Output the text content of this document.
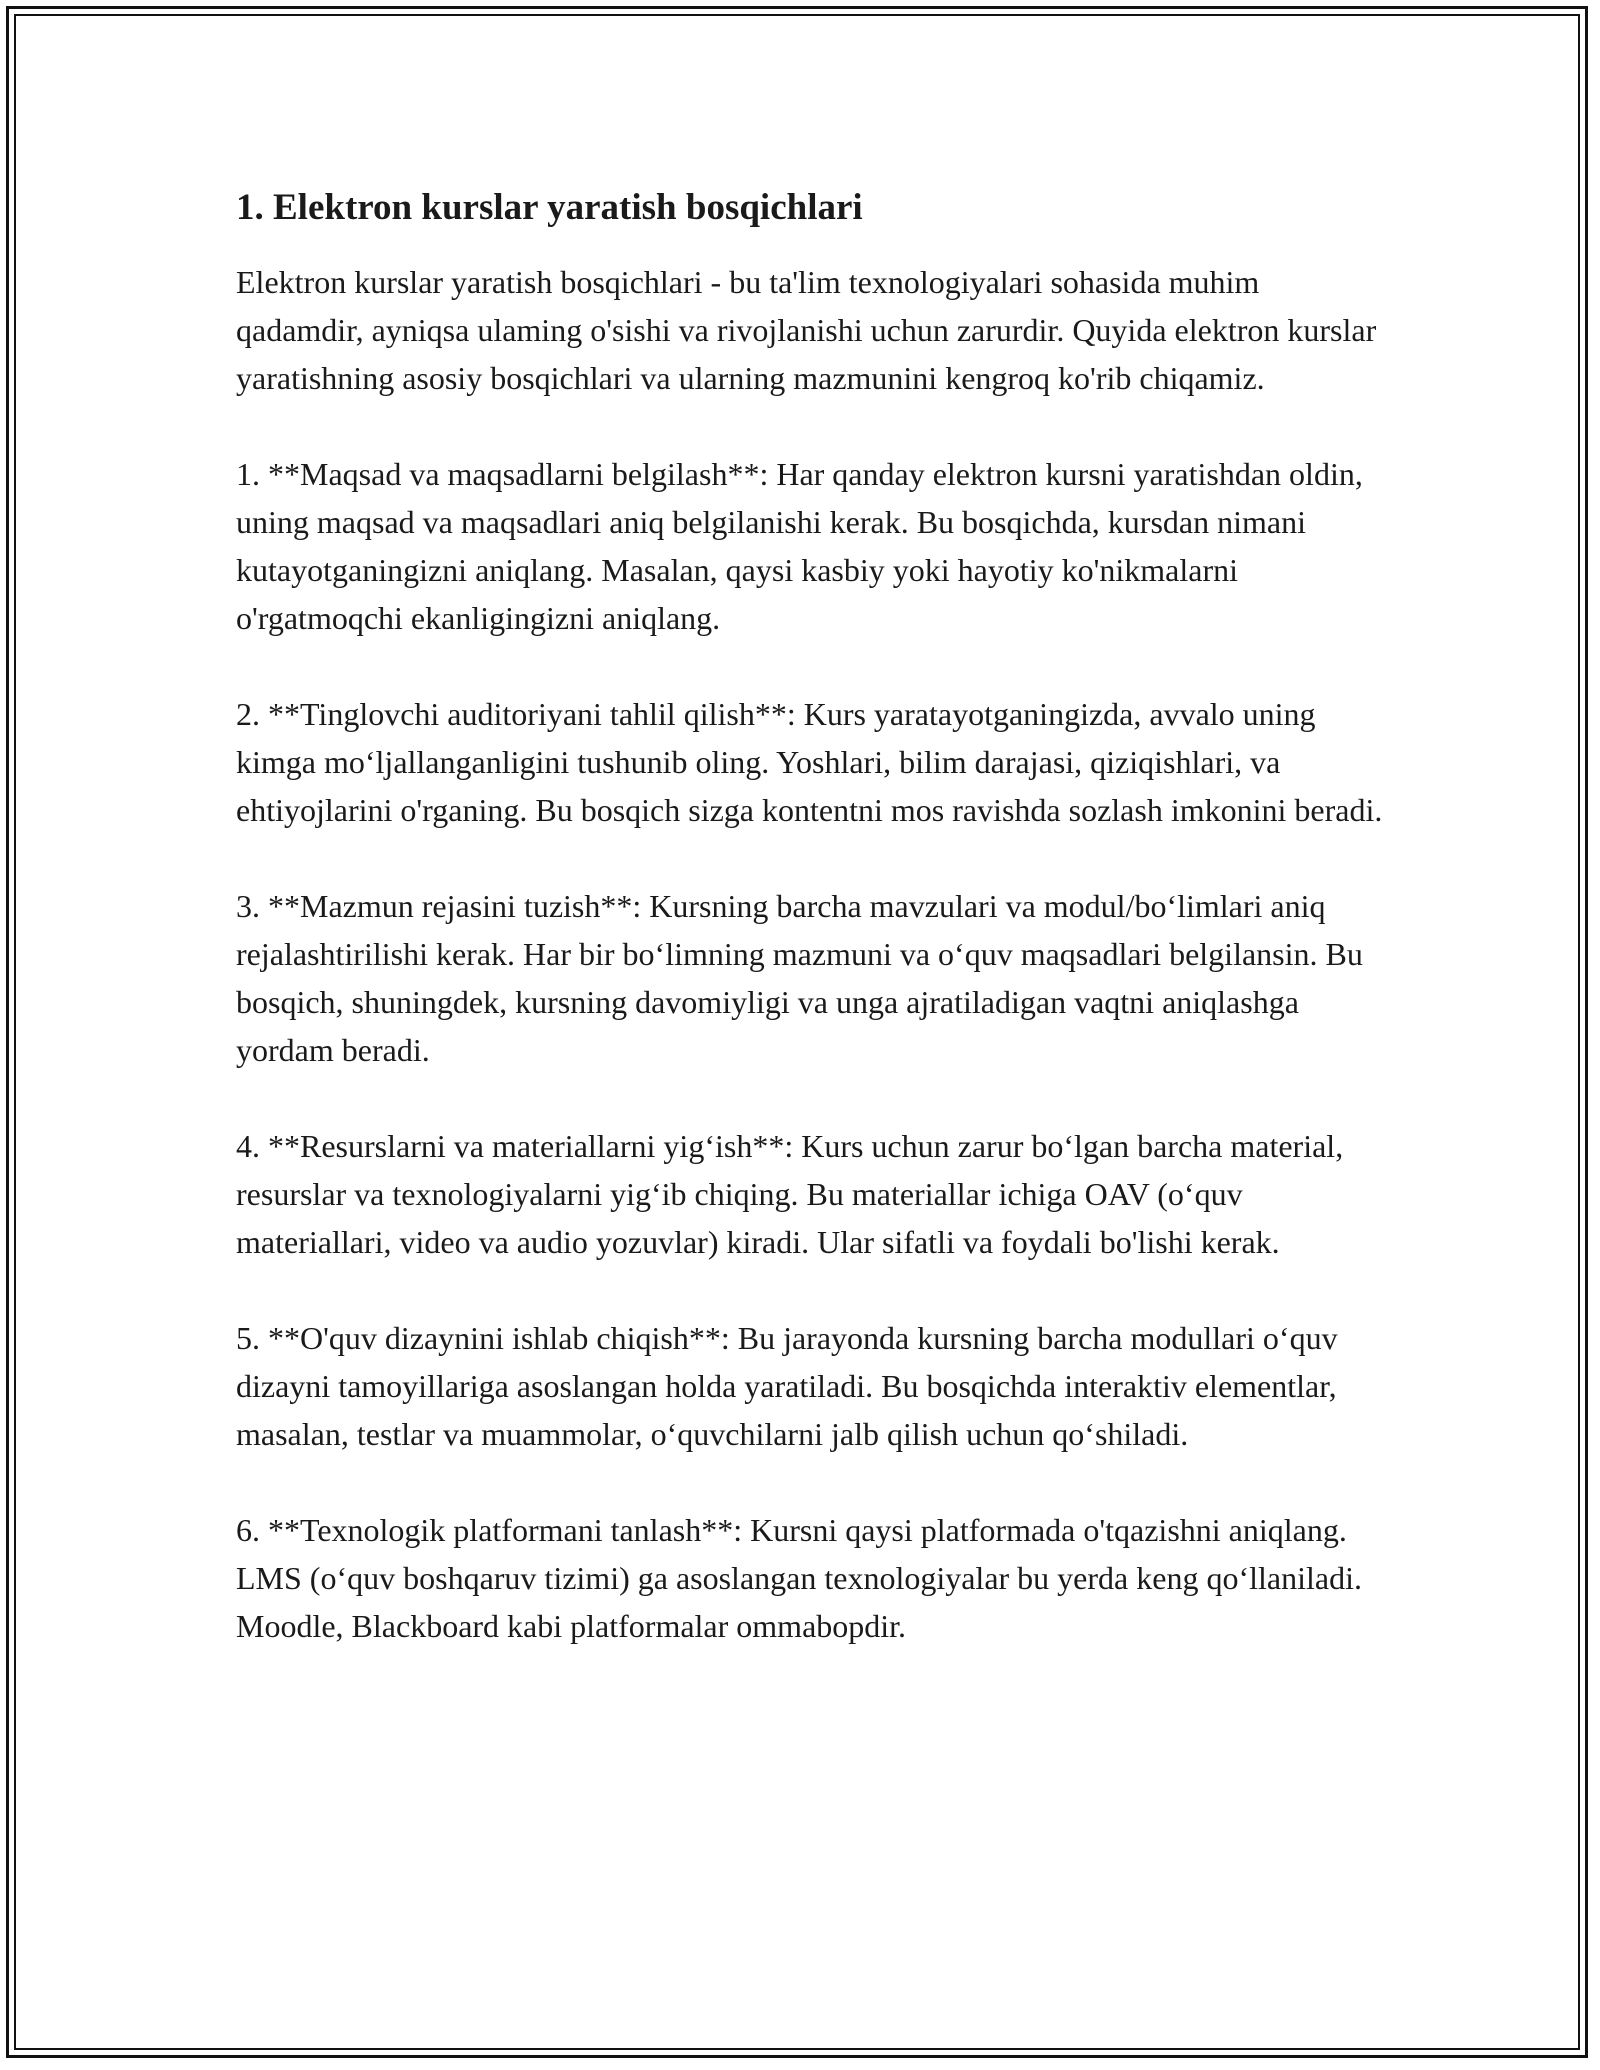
1. Elektron kurslar yaratish bosqichlari

Elektron kurslar yaratish bosqichlari - bu ta'lim texnologiyalari sohasida muhim qadamdir, ayniqsa ulaming o'sishi va rivojlanishi uchun zarurdir. Quyida elektron kurslar yaratishning asosiy bosqichlari va ularning mazmunini kengroq ko'rib chiqamiz.

1. **Maqsad va maqsadlarni belgilash**: Har qanday elektron kursni yaratishdan oldin, uning maqsad va maqsadlari aniq belgilanishi kerak. Bu bosqichda, kursdan nimani kutayotganingizni aniqlang. Masalan, qaysi kasbiy yoki hayotiy ko'nikmalarni o'rgatmoqchi ekanligingizni aniqlang.

2. **Tinglovchi auditoriyani tahlil qilish**: Kurs yaratayotganingizda, avvalo uning kimga mo‘ljallanganligini tushunib oling. Yoshlari, bilim darajasi, qiziqishlari, va ehtiyojlarini o'rganing. Bu bosqich sizga kontentni mos ravishda sozlash imkonini beradi.

3. **Mazmun rejasini tuzish**: Kursning barcha mavzulari va modul/bo‘limlari aniq rejalashtirilishi kerak. Har bir bo‘limning mazmuni va o‘quv maqsadlari belgilansin. Bu bosqich, shuningdek, kursning davomiyligi va unga ajratiladigan vaqtni aniqlashga yordam beradi.

4. **Resurslarni va materiallarni yig‘ish**: Kurs uchun zarur bo‘lgan barcha material, resurslar va texnologiyalarni yig‘ib chiqing. Bu materiallar ichiga OAV (o‘quv materiallari, video va audio yozuvlar) kiradi. Ular sifatli va foydali bo'lishi kerak.

5. **O'quv dizaynini ishlab chiqish**: Bu jarayonda kursning barcha modullari o‘quv dizayni tamoyillariga asoslangan holda yaratiladi. Bu bosqichda interaktiv elementlar, masalan, testlar va muammolar, o‘quvchilarni jalb qilish uchun qo‘shiladi.

6. **Texnologik platformani tanlash**: Kursni qaysi platformada o'tqazishni aniqlang. LMS (o‘quv boshqaruv tizimi) ga asoslangan texnologiyalar bu yerda keng qo‘llaniladi. Moodle, Blackboard kabi platformalar ommabopdir.
